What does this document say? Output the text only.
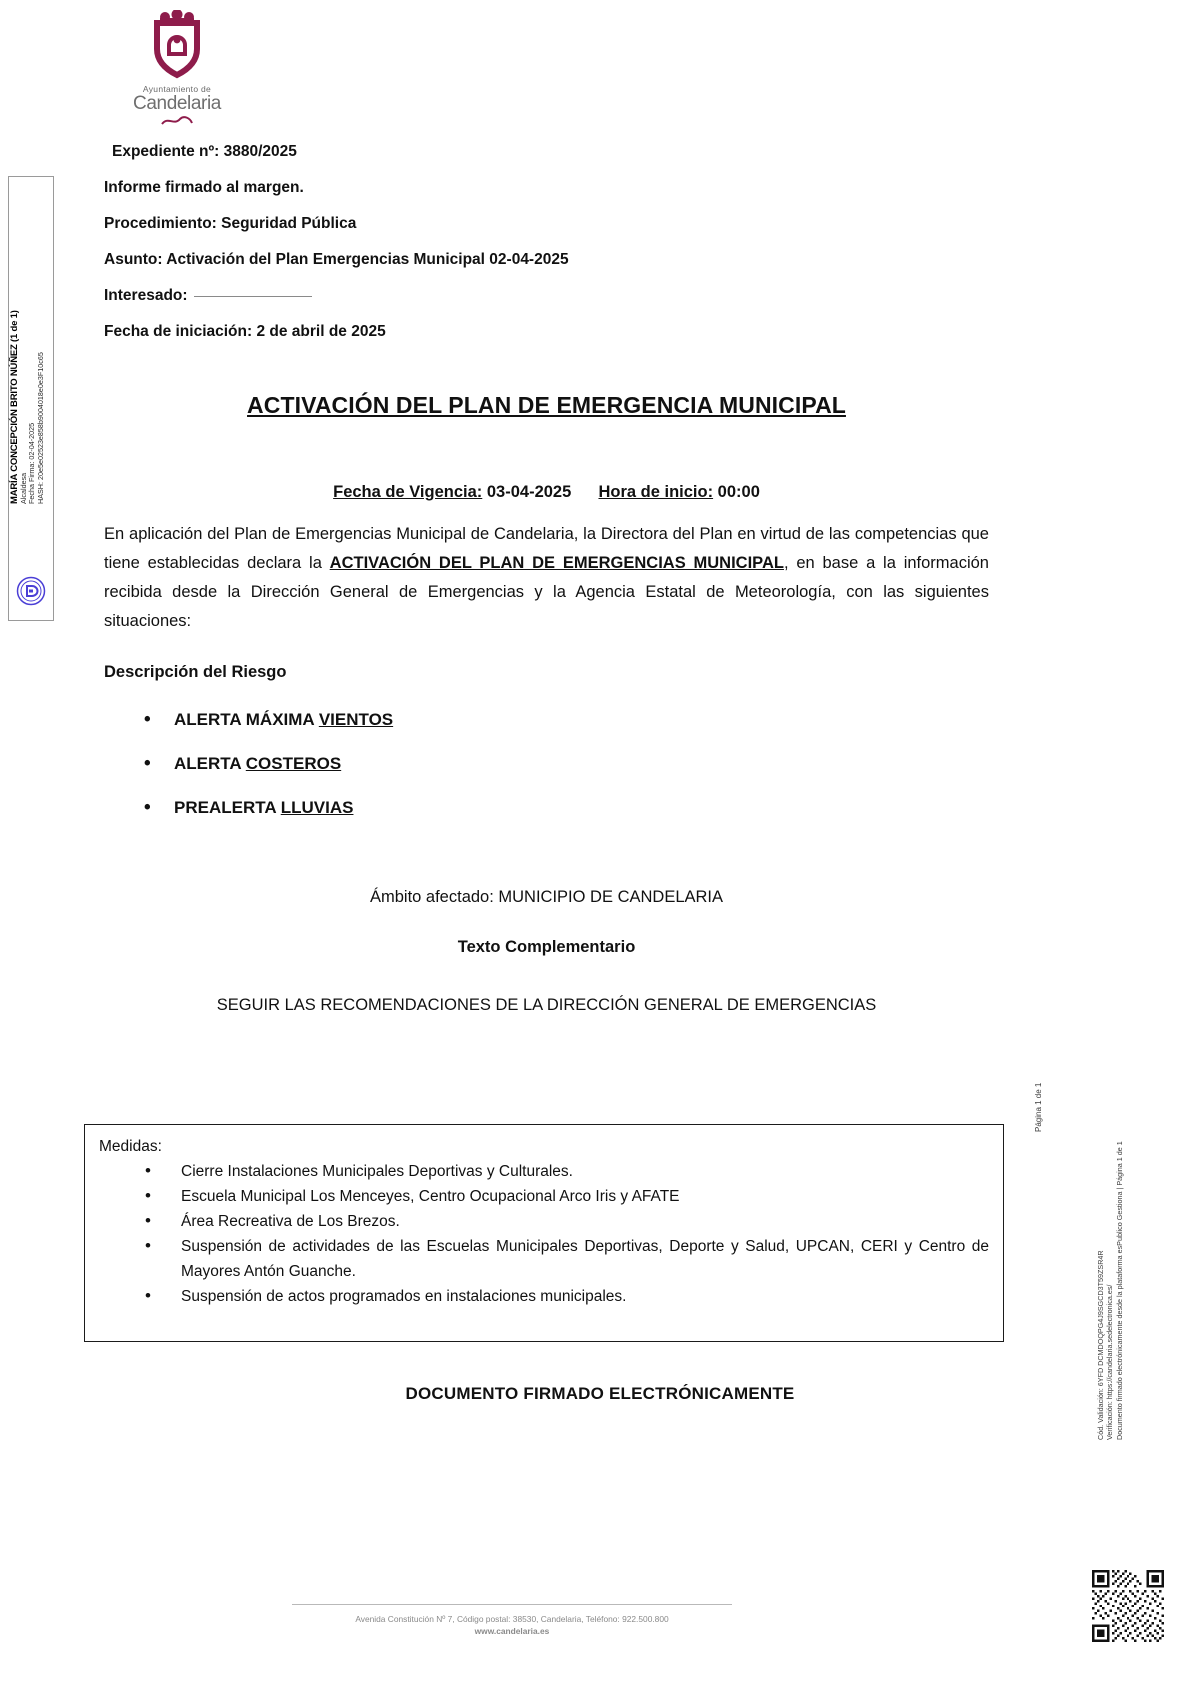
MARÍA CONCEPCIÓN BRITO NÚÑEZ (1 de 1) Alcaldesa Fecha Firma: 02-04-2025 HASH: 20e5e02523e858b9004018e0e3F10c65
Ayuntamiento de
Candelaria
Expediente nº: 3880/2025
Informe firmado al margen.
Procedimiento: Seguridad Pública
Asunto: Activación del Plan Emergencias Municipal 02-04-2025
Interesado:
Fecha de iniciación: 2 de abril de 2025
ACTIVACIÓN DEL PLAN DE EMERGENCIA MUNICIPAL
Fecha de Vigencia: 03-04-2025 Hora de inicio: 00:00
En aplicación del Plan de Emergencias Municipal de Candelaria, la Directora del Plan en virtud de las competencias que tiene establecidas declara la ACTIVACIÓN DEL PLAN DE EMERGENCIAS MUNICIPAL, en base a la información recibida desde la Dirección General de Emergencias y la Agencia Estatal de Meteorología, con las siguientes situaciones:
Descripción del Riesgo
• ALERTA MÁXIMA VIENTOS
• ALERTA COSTEROS
• PREALERTA LLUVIAS
Ámbito afectado: MUNICIPIO DE CANDELARIA
Texto Complementario
SEGUIR LAS RECOMENDACIONES DE LA DIRECCIÓN GENERAL DE EMERGENCIAS
Medidas:
• Cierre Instalaciones Municipales Deportivas y Culturales.
• Escuela Municipal Los Menceyes, Centro Ocupacional Arco Iris y AFATE
• Área Recreativa de Los Brezos.
• Suspensión de actividades de las Escuelas Municipales Deportivas, Deporte y Salud, UPCAN, CERI y Centro de Mayores Antón Guanche.
• Suspensión de actos programados en instalaciones municipales.
DOCUMENTO FIRMADO ELECTRÓNICAMENTE
Página 1 de 1
Cód. Validación: 6YFD DCMDOQPG4J9SGCD3T59ZSR4R Verificación: https://candelaria.sedelectronica.es/ Documento firmado electrónicamente desde la plataforma esPublico Gestiona | Página 1 de 1
Avenida Constitución Nº 7, Código postal: 38530, Candelaria, Teléfono: 922.500.800
www.candelaria.es
